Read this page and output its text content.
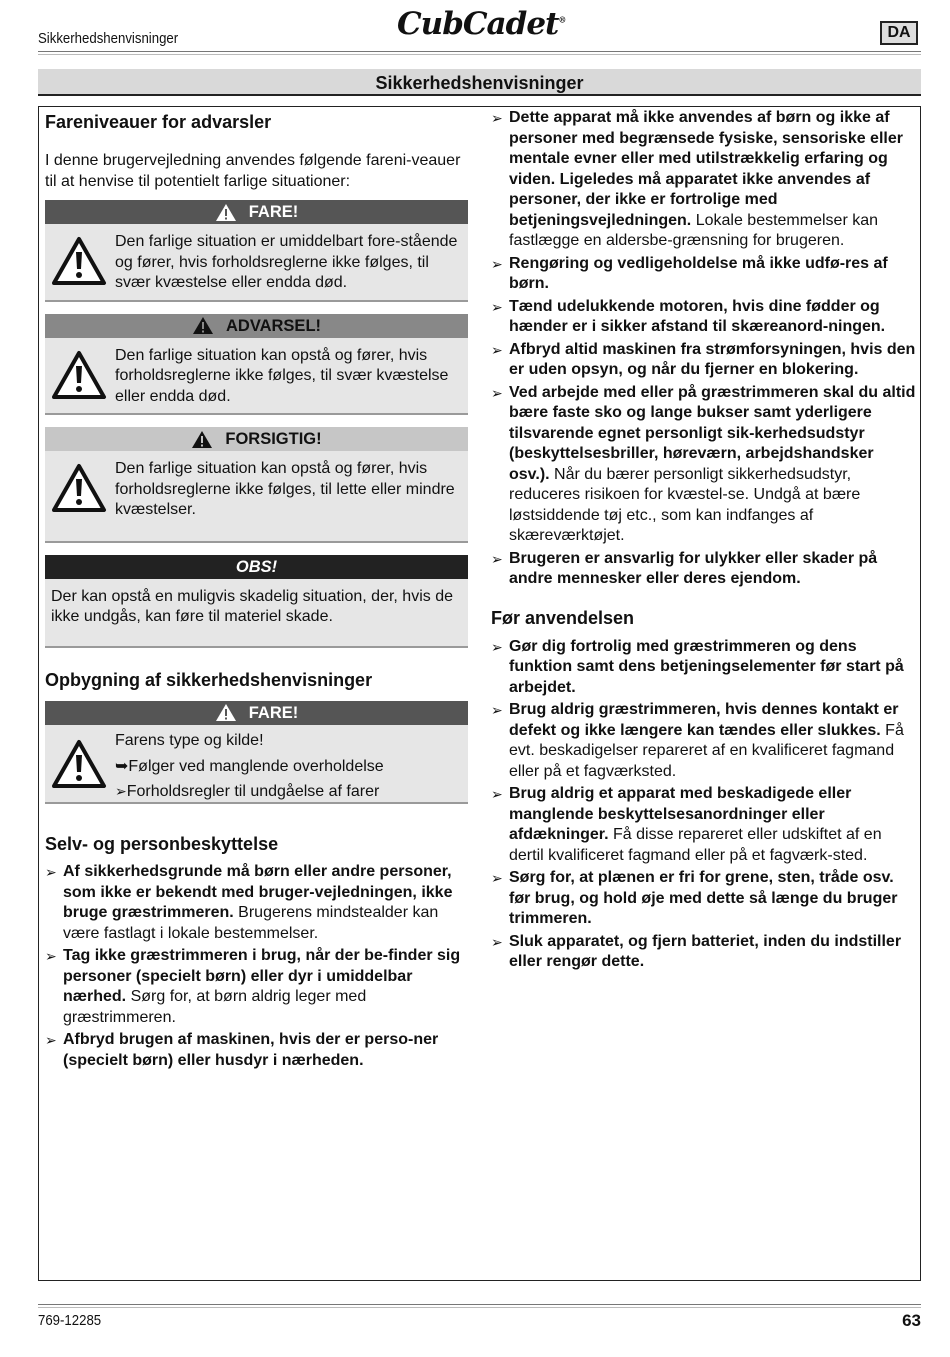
Sikkerhedshenvisninger	CubCadet®
DA
Sikkerhedshenvisninger
Fareniveauer for advarsler

I denne brugervejledning anvendes følgende fareni-veauer til at henvise til potentielt farlige situationer:

FARE!
Den farlige situation er umiddelbart fore-stående og fører, hvis forholdsreglerne ikke følges, til svær kvæstelse eller endda død.
ADVARSEL!
Den farlige situation kan opstå og fører, hvis forholdsreglerne ikke følges, til svær kvæstelse eller endda død.
FORSIGTIG!
Den farlige situation kan opstå og fører, hvis forholdsreglerne ikke følges, til lette eller mindre kvæstelser.
OBS!
Der kan opstå en muligvis skadelig situation, der, hvis de ikke undgås, kan føre til materiel skade.
Opbygning af sikkerhedshenvisninger
FARE!

Farens type og kilde!

➥Følger ved manglende overholdelse

➢Forholdsregler til undgåelse af farer

Selv- og personbeskyttelse
➢ Af sikkerhedsgrunde må børn eller andre personer, som ikke er bekendt med bruger-vejledningen, ikke bruge græstrimmeren. Brugerens mindstealder kan være fastlagt i lokale bestemmelser.
➢ Tag ikke græstrimmeren i brug, når der be-finder sig personer (specielt børn) eller dyr i umiddelbar nærhed. Sørg for, at børn aldrig leger med græstrimmeren.
➢ Afbryd brugen af maskinen, hvis der er perso-ner (specielt børn) eller husdyr i nærheden.
➢ Dette apparat må ikke anvendes af børn og ikke af personer med begrænsede fysiske, sensoriske eller mentale evner eller med utilstrækkelig erfaring og viden. Ligeledes må apparatet ikke anvendes af personer, der ikke er fortrolige med betjeningsvejledningen. Lokale bestemmelser kan fastlægge en aldersbe-grænsning for brugeren.
➢ Rengøring og vedligeholdelse må ikke udfø-res af børn.
➢ Tænd udelukkende motoren, hvis dine fødder og hænder er i sikker afstand til skæreanord-ningen.
➢ Afbryd altid maskinen fra strømforsyningen, hvis den er uden opsyn, og når du fjerner en blokering.
➢ Ved arbejde med eller på græstrimmeren skal du altid bære faste sko og lange bukser samt yderligere tilsvarende egnet personligt sik-kerhedsudstyr (beskyttelsesbriller, høreværn, arbejdshandsker osv.). Når du bærer personligt sikkerhedsudstyr, reduceres risikoen for kvæstel-se. Undgå at bære løstsiddende tøj etc., som kan indfanges af skæreværktøjet.
➢ Brugeren er ansvarlig for ulykker eller skader på andre mennesker eller deres ejendom.
Før anvendelsen
➢ Gør dig fortrolig med græstrimmeren og dens funktion samt dens betjeningselementer før start på arbejdet.
➢ Brug aldrig græstrimmeren, hvis dennes kontakt er defekt og ikke længere kan tændes eller slukkes. Få evt. beskadigelser repareret af en kvalificeret fagmand eller på et fagværksted.
➢ Brug aldrig et apparat med beskadigede eller manglende beskyttelsesanordninger eller afdækninger. Få disse repareret eller udskiftet af en dertil kvalificeret fagmand eller på et fagværk-sted.
➢ Sørg for, at plænen er fri for grene, sten, tråde osv. før brug, og hold øje med dette så længe du bruger trimmeren.
➢ Sluk apparatet, og fjern batteriet, inden du indstiller eller rengør dette.
769-12285	63
